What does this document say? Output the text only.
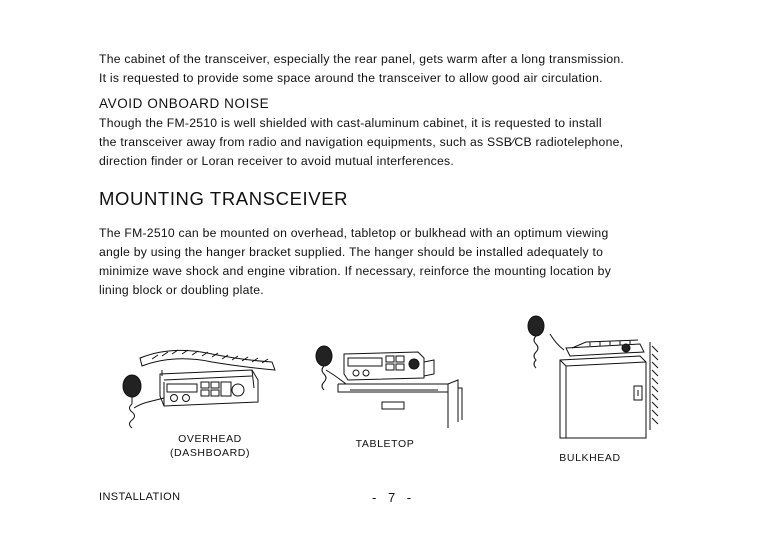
The cabinet of the transceiver, especially the rear panel, gets warm after a long transmission.
It is requested to provide some space around the transceiver to allow good air circulation.
AVOID ONBOARD NOISE
Though the FM-2510 is well shielded with cast-aluminum cabinet, it is requested to install
the transceiver away from radio and navigation equipments, such as SSB⁄CB radiotelephone,
direction finder or Loran receiver to avoid mutual interferences.
MOUNTING TRANSCEIVER
The FM-2510 can be mounted on overhead, tabletop or bulkhead with an optimum viewing
angle by using the hanger bracket supplied. The hanger should be installed adequately to
minimize wave shock and engine vibration. If necessary, reinforce the mounting location by
lining block or doubling plate.
OVERHEAD
(DASHBOARD)
TABLETOP
BULKHEAD
INSTALLATION	- 7 -
